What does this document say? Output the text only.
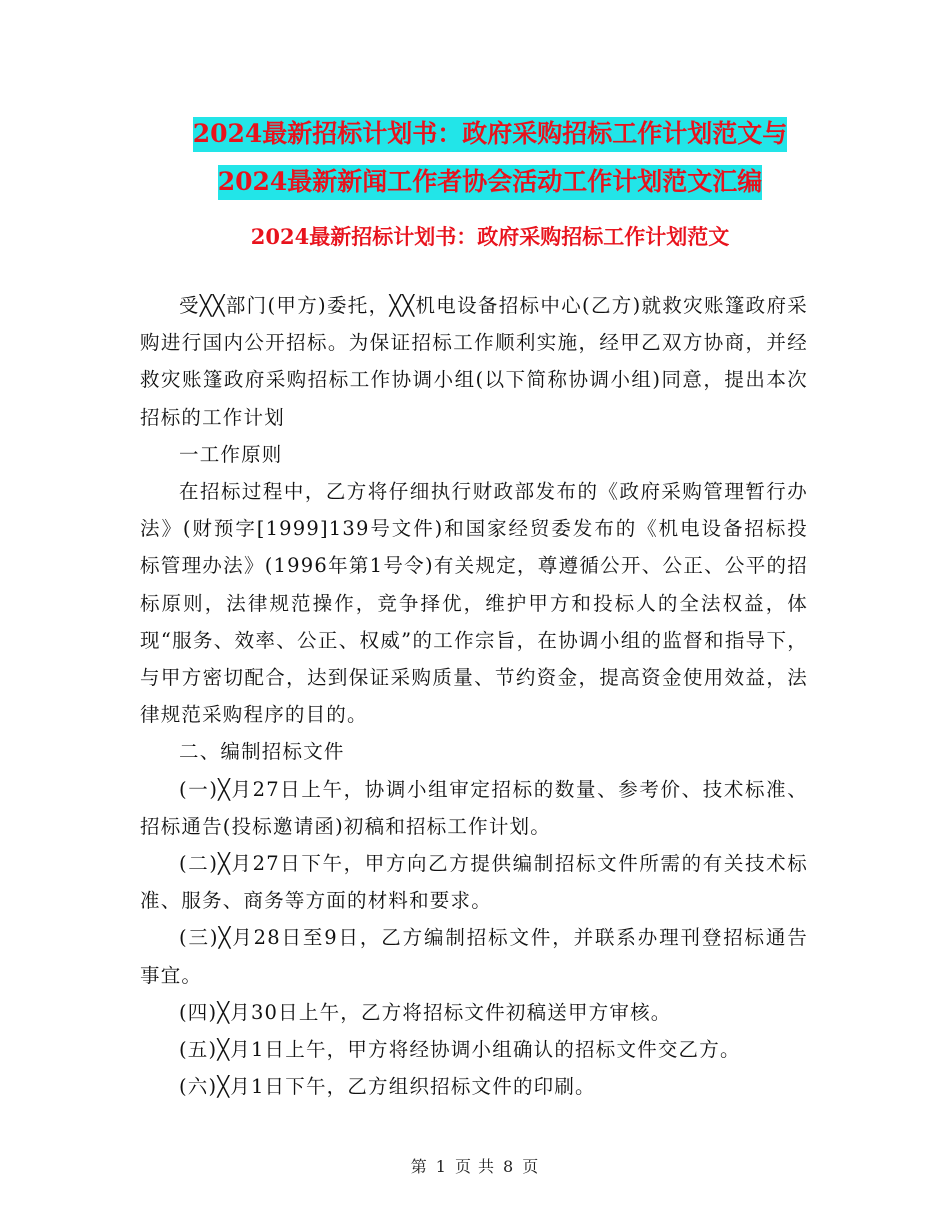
2024最新招标计划书：政府采购招标工作计划范文与
2024最新新闻工作者协会活动工作计划范文汇编
2024最新招标计划书：政府采购招标工作计划范文

受╳╳部门(甲方)委托，╳╳机电设备招标中心(乙方)就救灾账篷政府采购进行国内公开招标。为保证招标工作顺利实施，经甲乙双方协商，并经救灾账篷政府采购招标工作协调小组(以下简称协调小组)同意，提出本次招标的工作计划

一工作原则

在招标过程中，乙方将仔细执行财政部发布的《政府采购管理暂行办法》(财预字[1999]139号文件)和国家经贸委发布的《机电设备招标投标管理办法》(1996年第1号令)有关规定，尊遵循公开、公正、公平的招标原则，法律规范操作，竞争择优，维护甲方和投标人的全法权益，体现“服务、效率、公正、权威”的工作宗旨，在协调小组的监督和指导下，与甲方密切配合，达到保证采购质量、节约资金，提高资金使用效益，法律规范采购程序的目的。

二、编制招标文件

(一)╳月27日上午，协调小组审定招标的数量、参考价、技术标准、招标通告(投标邀请函)初稿和招标工作计划。

(二)╳月27日下午，甲方向乙方提供编制招标文件所需的有关技术标准、服务、商务等方面的材料和要求。

(三)╳月28日至9日，乙方编制招标文件，并联系办理刊登招标通告事宜。

(四)╳月30日上午，乙方将招标文件初稿送甲方审核。

(五)╳月1日上午，甲方将经协调小组确认的招标文件交乙方。

(六)╳月1日下午，乙方组织招标文件的印刷。

第 1 页 共 8 页
